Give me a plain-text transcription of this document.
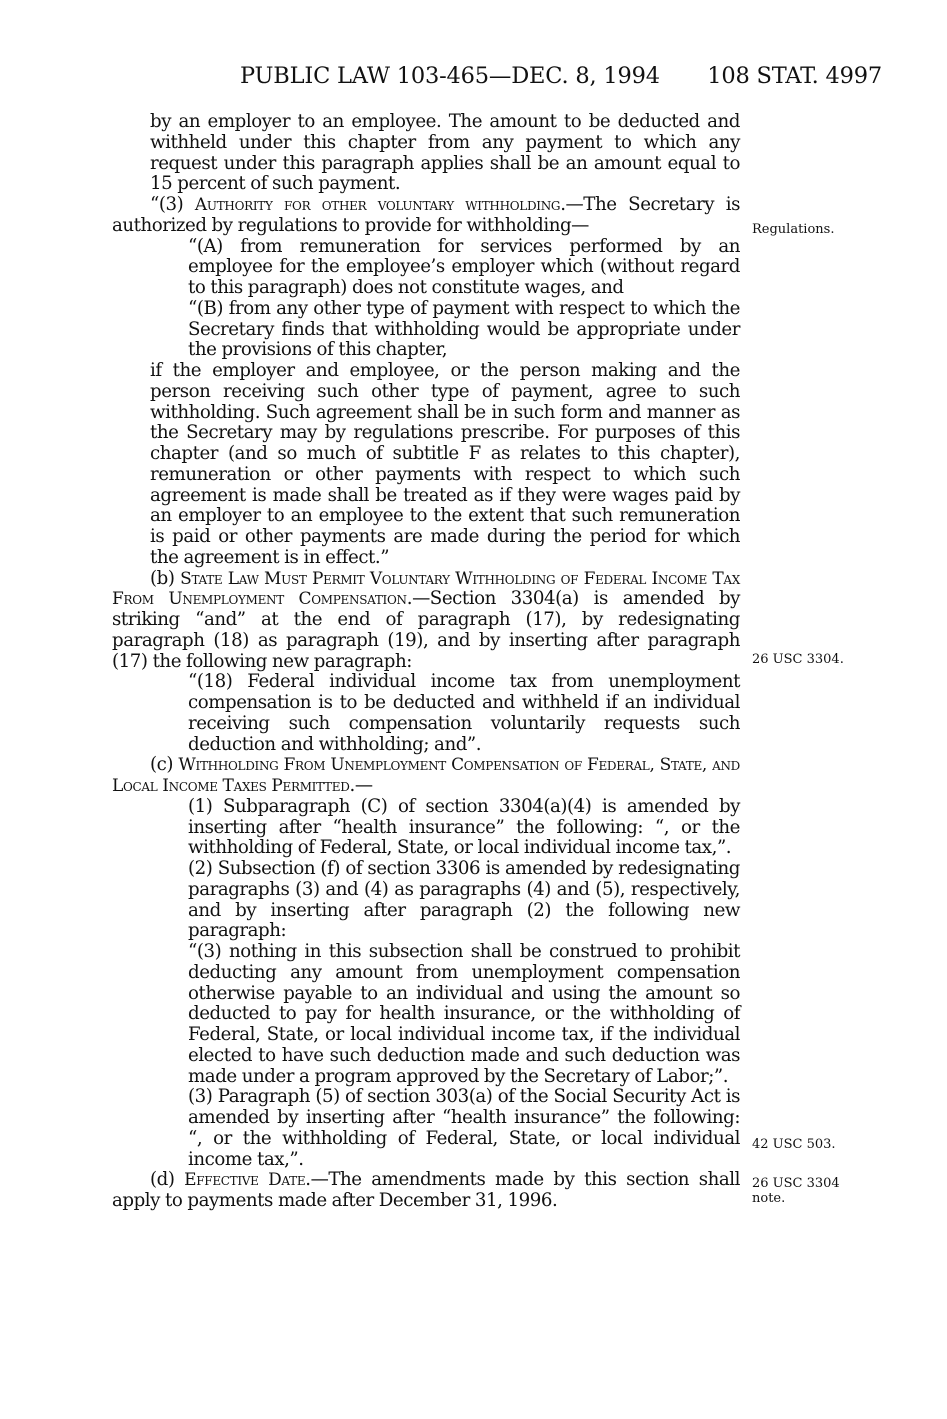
PUBLIC LAW 103-465—DEC. 8, 1994 108 STAT. 4997

by an employer to an employee. The amount to be deducted and withheld under this chapter from any payment to which any request under this paragraph applies shall be an amount equal to 15 percent of such payment.

“(3) Authority for other voluntary withholding.—The Secretary is authorized by regulations to provide for withholding—

“(A) from remuneration for services performed by an employee for the employee’s employer which (without regard to this paragraph) does not constitute wages, and

“(B) from any other type of payment with respect to which the Secretary finds that withholding would be appropriate under the provisions of this chapter,

if the employer and employee, or the person making and the person receiving such other type of payment, agree to such withholding. Such agreement shall be in such form and manner as the Secretary may by regulations prescribe. For purposes of this chapter (and so much of subtitle F as relates to this chapter), remuneration or other payments with respect to which such agreement is made shall be treated as if they were wages paid by an employer to an employee to the extent that such remuneration is paid or other payments are made during the period for which the agreement is in effect.”

(b) State Law Must Permit Voluntary Withholding of Federal Income Tax From Unemployment Compensation.—Section 3304(a) is amended by striking “and” at the end of paragraph (17), by redesignating paragraph (18) as paragraph (19), and by inserting after paragraph (17) the following new paragraph:

“(18) Federal individual income tax from unemployment compensation is to be deducted and withheld if an individual receiving such compensation voluntarily requests such deduction and withholding; and”.

(c) Withholding From Unemployment Compensation of Federal, State, and Local Income Taxes Permitted.—

(1) Subparagraph (C) of section 3304(a)(4) is amended by inserting after “health insurance” the following: “, or the withholding of Federal, State, or local individual income tax,”.

(2) Subsection (f) of section 3306 is amended by redesignating paragraphs (3) and (4) as paragraphs (4) and (5), respectively, and by inserting after paragraph (2) the following new paragraph:

“(3) nothing in this subsection shall be construed to prohibit deducting any amount from unemployment compensation otherwise payable to an individual and using the amount so deducted to pay for health insurance, or the withholding of Federal, State, or local individual income tax, if the individual elected to have such deduction made and such deduction was made under a program approved by the Secretary of Labor;”.

(3) Paragraph (5) of section 303(a) of the Social Security Act is amended by inserting after “health insurance” the following: “, or the withholding of Federal, State, or local individual income tax,”.

(d) Effective Date.—The amendments made by this section shall apply to payments made after December 31, 1996.

Regulations.
26 USC 3304.
42 USC 503.
26 USC 3304
note.
